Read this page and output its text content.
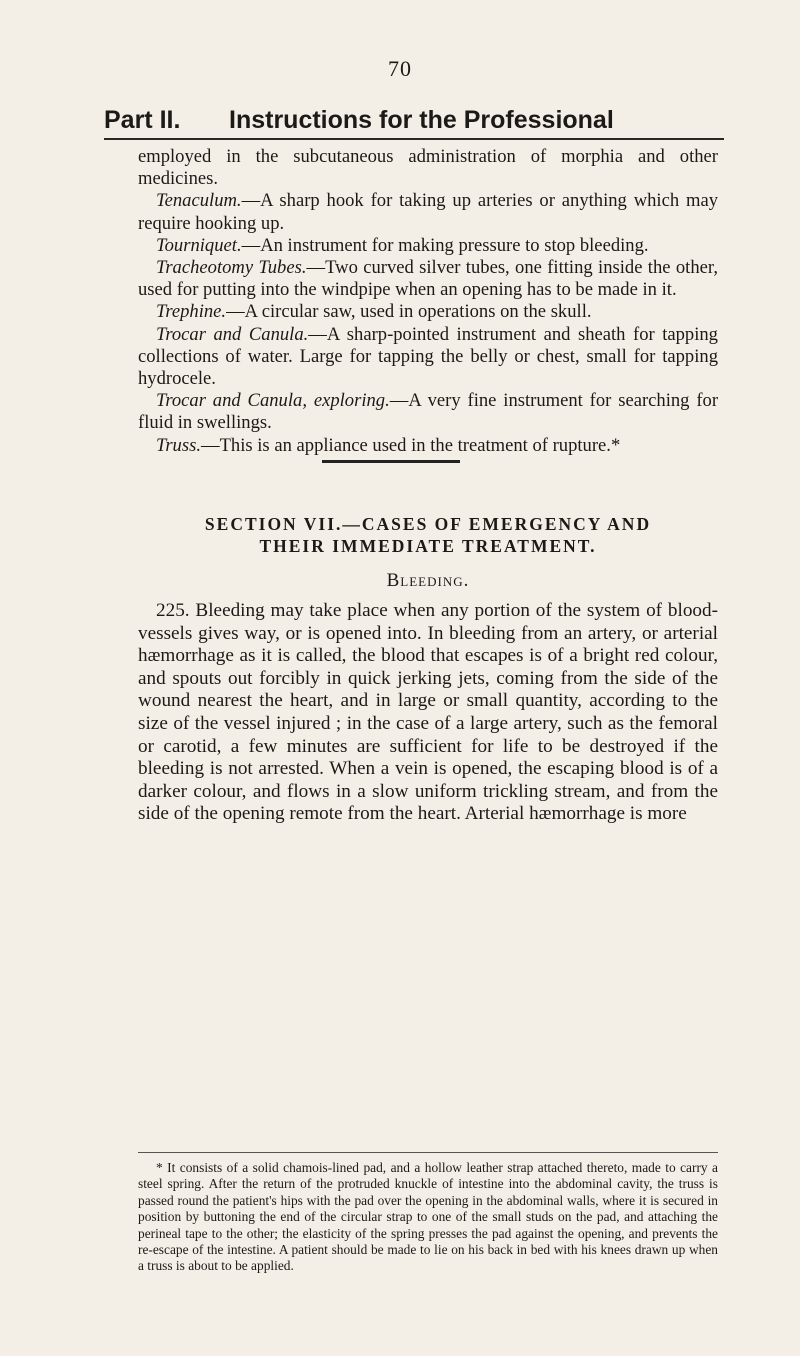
70
Part II. Instructions for the Professional

employed in the subcutaneous administration of morphia and other medicines.

Tenaculum.—A sharp hook for taking up arteries or anything which may require hooking up.

Tourniquet.—An instrument for making pressure to stop bleeding.

Tracheotomy Tubes.—Two curved silver tubes, one fitting inside the other, used for putting into the windpipe when an opening has to be made in it.

Trephine.—A circular saw, used in operations on the skull.

Trocar and Canula.—A sharp-pointed instrument and sheath for tapping collections of water. Large for tapping the belly or chest, small for tapping hydrocele.

Trocar and Canula, exploring.—A very fine instrument for searching for fluid in swellings.

Truss.—This is an appliance used in the treatment of rupture.*

SECTION VII.—CASES OF EMERGENCY AND
THEIR IMMEDIATE TREATMENT.
Bleeding.

225. Bleeding may take place when any portion of the system of blood-vessels gives way, or is opened into. In bleeding from an artery, or arterial hæmorrhage as it is called, the blood that escapes is of a bright red colour, and spouts out forcibly in quick jerking jets, coming from the side of the wound nearest the heart, and in large or small quantity, according to the size of the vessel injured ; in the case of a large artery, such as the femoral or carotid, a few minutes are sufficient for life to be destroyed if the bleeding is not arrested. When a vein is opened, the escaping blood is of a darker colour, and flows in a slow uniform trickling stream, and from the side of the opening remote from the heart. Arterial hæmorrhage is more

* It consists of a solid chamois-lined pad, and a hollow leather strap attached thereto, made to carry a steel spring. After the return of the protruded knuckle of intestine into the abdominal cavity, the truss is passed round the patient's hips with the pad over the opening in the abdominal walls, where it is secured in position by buttoning the end of the circular strap to one of the small studs on the pad, and attaching the perineal tape to the other; the elasticity of the spring presses the pad against the opening, and prevents the re-escape of the intestine. A patient should be made to lie on his back in bed with his knees drawn up when a truss is about to be applied.
